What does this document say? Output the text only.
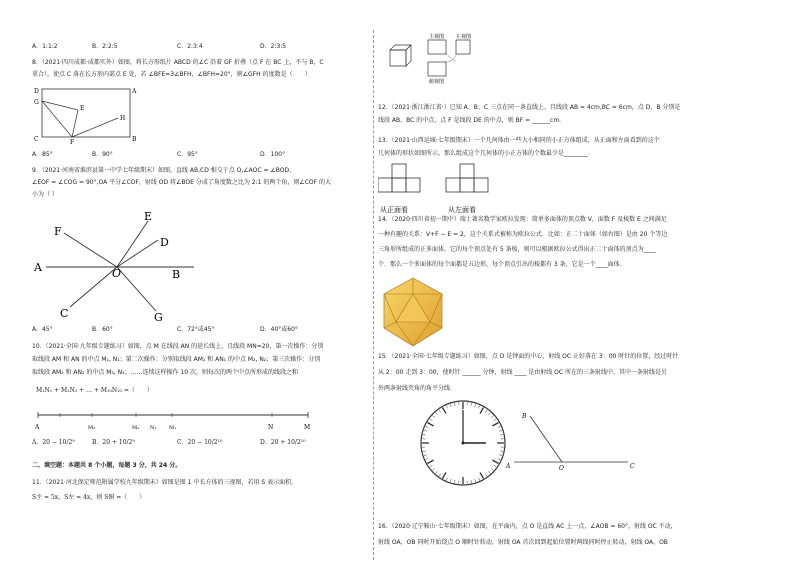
A．1:1:2	B．2:2:5	C．2:3:4	D．2:3:5
8．（2021·四川成都·成都实外）如图，将长方形纸片 ABCD 的∠C 沿着 GF 折叠（点 F 在 BC 上，不与 B，C
重合），使点 C 落在长方形内部点 E 处，若 ∠BFE=3∠BFH，∠BFH=20°，则∠GFH 的度数是（　　）
D	A
G
E
H
C	F	B
A．85°	B．90°	C．95°	D．100°
9．（2021·河南省淮滨县第一中学七年级期末）如图，直线 AB,CD 相交于点 O,∠AOC = ∠BOD，
∠EOF = ∠COG = 90°,OA 平分∠COF，射线 OD 将∠BOE 分成了角度数之比为 2:1 的两个角，则∠COF 的大
小为（ ）
E
F
D
A	O	B
C	G
A．45°	B．60°	C．72°或45°	D．40°或60°
10．（2021·全国·九年级专题练习）如图，点 M 在线段 AN 的延长线上，且线段 MN=20，第一次操作：分别
取线段 AM 和 AN 的中点 M₁, N₁；第二次操作：分别取线段 AM₁ 和 AN₁ 的中点 M₂, N₂；第三次操作：分别
取线段 AM₂ 和 AN₂ 的中点 M₃, N₃；……连续这样操作 10 次，则每次的两个中点所形成的线段之和
M₁N₁ + M₂N₂ + … + M₁₀N₁₀ =（　　）
A	M₃	M₂ N₁	M₁	N	M
A．20 − 10/2⁹	B．20 + 10/2⁹	C．20 − 10/2¹⁰	D．20 + 10/2¹⁰
二、填空题：本题共 8 个小题，每题 3 分，共 24 分。
11．（2021·河北保定师范附属学校九年级期末）如图是图 1 中长方体的三视图，若用 S 表示面积，
S主 = 5x，S左 = 4x，则 S俯 =（　　）
主视图 左视图
俯视图
12．（2021·浙江浙江省·）已知 A、B、C 三点在同一条直线上，且线段 AB = 4cm,BC = 6cm，点 D、B 分别是
线段 AB、BC 的中点，点 F 是线段 DE 的中点，则 BF = ______cm．
13．（2021·山西运城·七年级期末）一个几何体由一些大小相同的小正方体组成，从正面和左面看到的这个
几何体的形状如图所示，那么组成这个几何体的小正方体的个数最少是________．
从正面看	从左面看
14．（2020·四川省初一期中）瑞士著名数学家欧拉发现：简单多面体的顶点数 V，面数 F 及棱数 E 之间满足
一种有趣的关系：V+F − E = 2，这个关系式被称为欧拉公式．比如：正二十面体（如右图）是由 20 个等边
三角形所组成的正多面体，它的每个顶点处有 5 条棱，则可以根据欧拉公式得出正二十面体的顶点为____
个．那么一个多面体的每个面都是五边形，每个顶点引出的棱都有 3 条，它是一个____面体．
15．（2021·全国·七年级专题练习）如图，点 O 是钟面的中心，射线 OC 正好落在 3：00 时针的位置，经过时针
从 2：00 走到 3：00，使时针 ______ 分钟，射线 ____ 是由射线 OC 所在的三条射线中，其中一条射线是另
外两条射线夹角的角平分线．
B
A	O	C
16．（2020·辽宁鞍山·七年级期末）如图，在平面内，点 O 是直线 AC 上一点，∠AOB = 60°，射线 OC 不动，
射线 OA，OB 同时开始绕点 O 顺时针转动，射线 OA 首次回到起始位置时两线同时停止转动，射线 OA，OB
